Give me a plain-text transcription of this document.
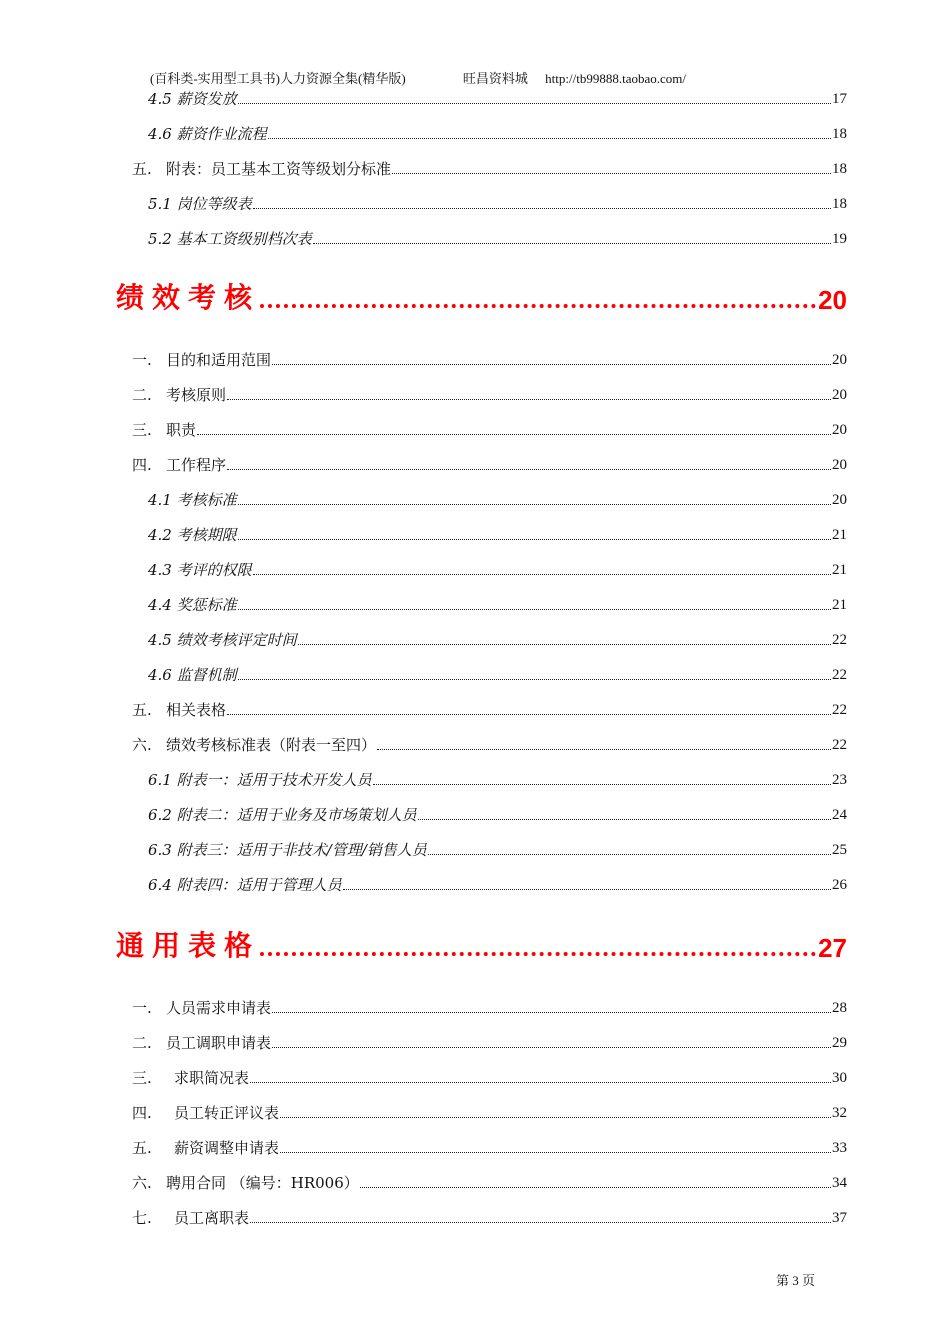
(百科类-实用型工具书)人力资源全集(精华版)	旺昌资料城 http://tb99888.taobao.com/
4.5 薪资发放	17
4.6 薪资作业流程	18
五. 附表：员工基本工资等级划分标准	18
5.1 岗位等级表	18
5.2 基本工资级别档次表	19
绩效考核	20
一. 目的和适用范围	20
二. 考核原则	20
三. 职责	20
四. 工作程序	20
4.1 考核标准	20
4.2 考核期限	21
4.3 考评的权限	21
4.4 奖惩标准	21
4.5 绩效考核评定时间	22
4.6 监督机制	22
五. 相关表格	22
六. 绩效考核标准表（附表一至四）	22
6.1 附表一：适用于技术开发人员	23
6.2 附表二：适用于业务及市场策划人员	24
6.3 附表三：适用于非技术/管理/销售人员	25
6.4 附表四：适用于管理人员	26
通用表格	27
一. 人员需求申请表	28
二. 员工调职申请表	29
三. 求职简况表	30
四. 员工转正评议表	32
五. 薪资调整申请表	33
六. 聘用合同 （编号：HR006）	34
七. 员工离职表	37
第 3 页
